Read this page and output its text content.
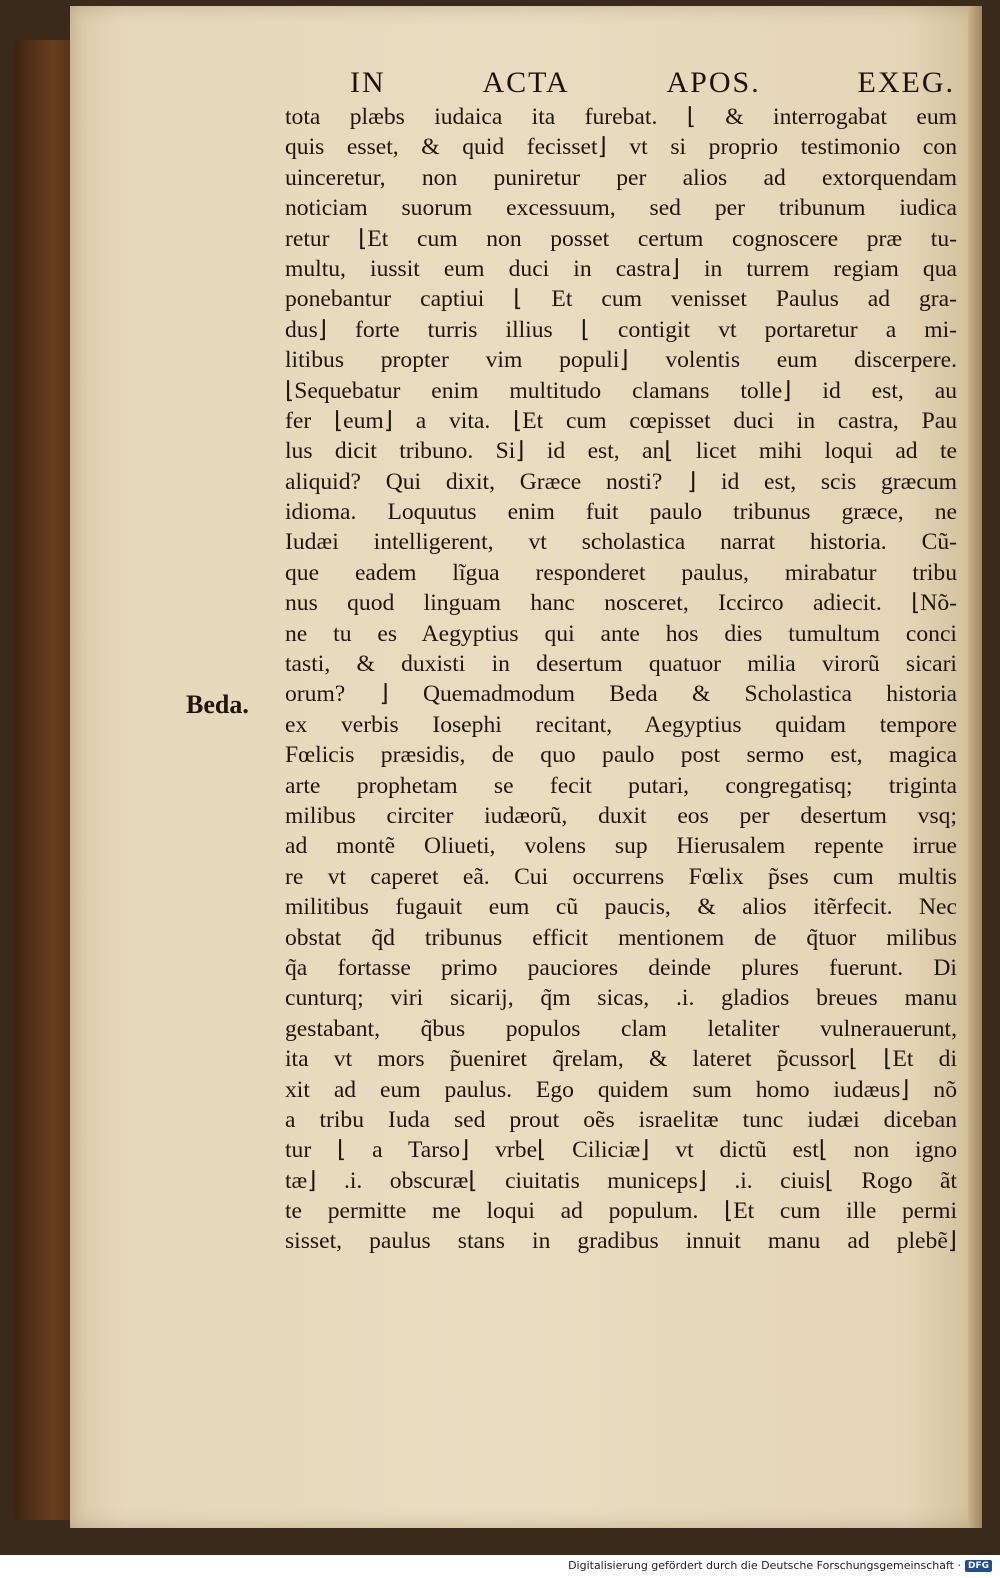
IN	ACTA	APOS.	EXEG.
Beda.
tota plæbs iudaica ita furebat. ⌊ & interrogabat eum
quis esset, & quid fecisset⌋ vt si proprio testimonio con
uinceretur, non puniretur per alios ad extorquendam
noticiam suorum excessuum, sed per tribunum iudica
retur ⌊Et cum non posset certum cognoscere præ tu-
multu, iussit eum duci in castra⌋ in turrem regiam qua
ponebantur captiui ⌊ Et cum venisset Paulus ad gra-
dus⌋ forte turris illius ⌊ contigit vt portaretur a mi-
litibus propter vim populi⌋ volentis eum discerpere.
⌊Sequebatur enim multitudo clamans tolle⌋ id est, au
fer ⌊eum⌋ a vita. ⌊Et cum cœpisset duci in castra, Pau
lus dicit tribuno. Si⌋ id est, an⌊ licet mihi loqui ad te
aliquid? Qui dixit, Græce nosti? ⌋ id est, scis græcum
idioma. Loquutus enim fuit paulo tribunus græce, ne
Iudæi intelligerent, vt scholastica narrat historia. Cũ-
que eadem lĩgua responderet paulus, mirabatur tribu
nus quod linguam hanc nosceret, Iccirco adiecit. ⌊Nõ-
ne tu es Aegyptius qui ante hos dies tumultum conci
tasti, & duxisti in desertum quatuor milia virorũ sicari
orum? ⌋ Quemadmodum Beda & Scholastica historia
ex verbis Iosephi recitant, Aegyptius quidam tempore
Fœlicis præsidis, de quo paulo post sermo est, magica
arte prophetam se fecit putari, congregatisq; triginta
milibus circiter iudæorũ, duxit eos per desertum vsq;
ad montẽ Oliueti, volens sup Hierusalem repente irrue
re vt caperet eã. Cui occurrens Fœlix p̃ses cum multis
militibus fugauit eum cũ paucis, & alios itẽrfecit. Nec
obstat q̃d tribunus efficit mentionem de q̃tuor milibus
q̃a fortasse primo pauciores deinde plures fuerunt. Di
cunturq; viri sicarij, q̃m sicas, .i. gladios breues manu
gestabant, q̃bus populos clam letaliter vulnerauerunt,
ita vt mors p̃ueniret q̃relam, & lateret p̃cussor⌊ ⌊Et di
xit ad eum paulus. Ego quidem sum homo iudæus⌋ nõ
a tribu Iuda sed prout oẽs israelitæ tunc iudæi diceban
tur ⌊ a Tarso⌋ vrbe⌊ Ciliciæ⌋ vt dictũ est⌊ non igno
tæ⌋ .i. obscuræ⌊ ciuitatis municeps⌋ .i. ciuis⌊ Rogo ãt
te permitte me loqui ad populum. ⌊Et cum ille permi
sisset, paulus stans in gradibus innuit manu ad plebẽ⌋
Digitalisierung gefördert durch die Deutsche Forschungsgemeinschaft · DFG
